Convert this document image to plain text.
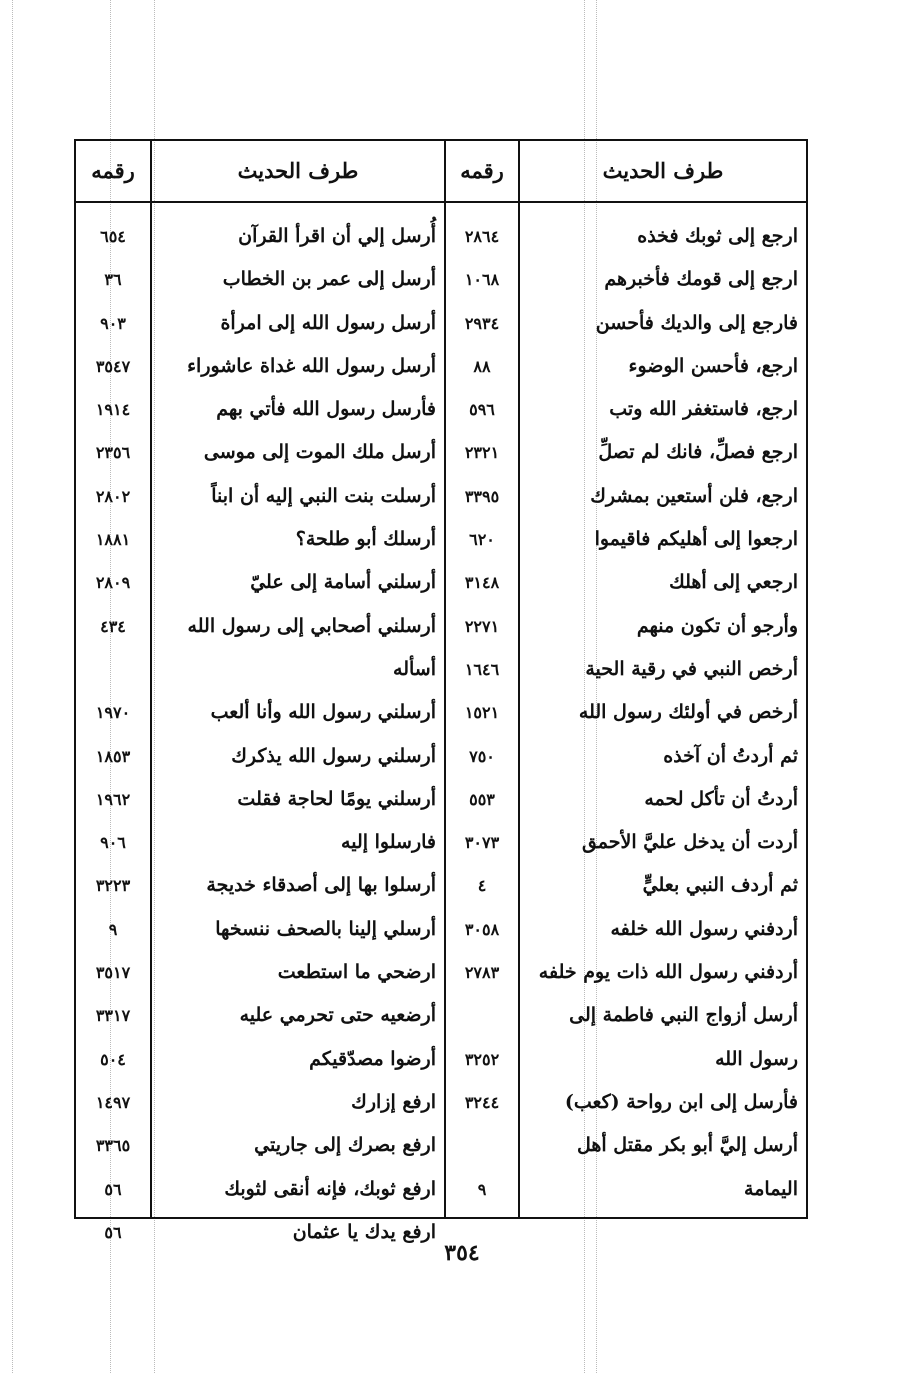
طرف الحديث
رقمه
طرف الحديث
رقمه
ارجع إلى ثوبك فخذه
ارجع إلى قومك فأخبرهم
فارجع إلى والديك فأحسن
ارجع، فأحسن الوضوء
ارجع، فاستغفر الله وتب
ارجع فصلِّ، فانك لم تصلِّ
ارجع، فلن أستعين بمشرك
ارجعوا إلى أهليكم فاقيموا
ارجعي إلى أهلك
وأرجو أن تكون منهم
أرخص النبي في رقية الحية
أرخص في أولئك رسول الله
ثم أردتُ أن آخذه
أردتُ أن تأكل لحمه
أردت أن يدخل عليَّ الأحمق
ثم أردف النبي بعليٍّ
أردفني رسول الله خلفه
أردفني رسول الله ذات يوم خلفه
أرسل أزواج النبي فاطمة إلى
رسول الله
فأرسل إلى ابن رواحة (كعب)
أرسل إليَّ أبو بكر مقتل أهل
اليمامة
٢٨٦٤
١٠٦٨
٢٩٣٤
٨٨
٥٩٦
٢٣٢١
٣٣٩٥
٦٢٠
٣١٤٨
٢٢٧١
١٦٤٦
١٥٢١
٧٥٠
٥٥٣
٣٠٧٣
٤
٣٠٥٨
٢٧٨٣
٣٢٥٢
٣٢٤٤
٩
أُرسل إلي أن اقرأ القرآن
أرسل إلى عمر بن الخطاب
أرسل رسول الله إلى امرأة
أرسل رسول الله غداة عاشوراء
فأرسل رسول الله فأتي بهم
أرسل ملك الموت إلى موسى
أرسلت بنت النبي إليه أن ابناً
أرسلك أبو طلحة؟
أرسلني أسامة إلى عليّ
أرسلني أصحابي إلى رسول الله
أسأله
أرسلني رسول الله وأنا ألعب
أرسلني رسول الله يذكرك
أرسلني يومًا لحاجة فقلت
فارسلوا إليه
أرسلوا بها إلى أصدقاء خديجة
أرسلي إلينا بالصحف ننسخها
ارضحي ما استطعت
أرضعيه حتى تحرمي عليه
أرضوا مصدّقيكم
ارفع إزارك
ارفع بصرك إلى جاريتي
ارفع ثوبك، فإنه أنقى لثوبك
ارفع يدك يا عثمان
٦٥٤
٣٦
٩٠٣
٣٥٤٧
١٩١٤
٢٣٥٦
٢٨٠٢
١٨٨١
٢٨٠٩
٤٣٤
١٩٧٠
١٨٥٣
١٩٦٢
٩٠٦
٣٢٢٣
٩
٣٥١٧
٣٣١٧
٥٠٤
١٤٩٧
٣٣٦٥
٥٦
٥٦
٣٥٤
